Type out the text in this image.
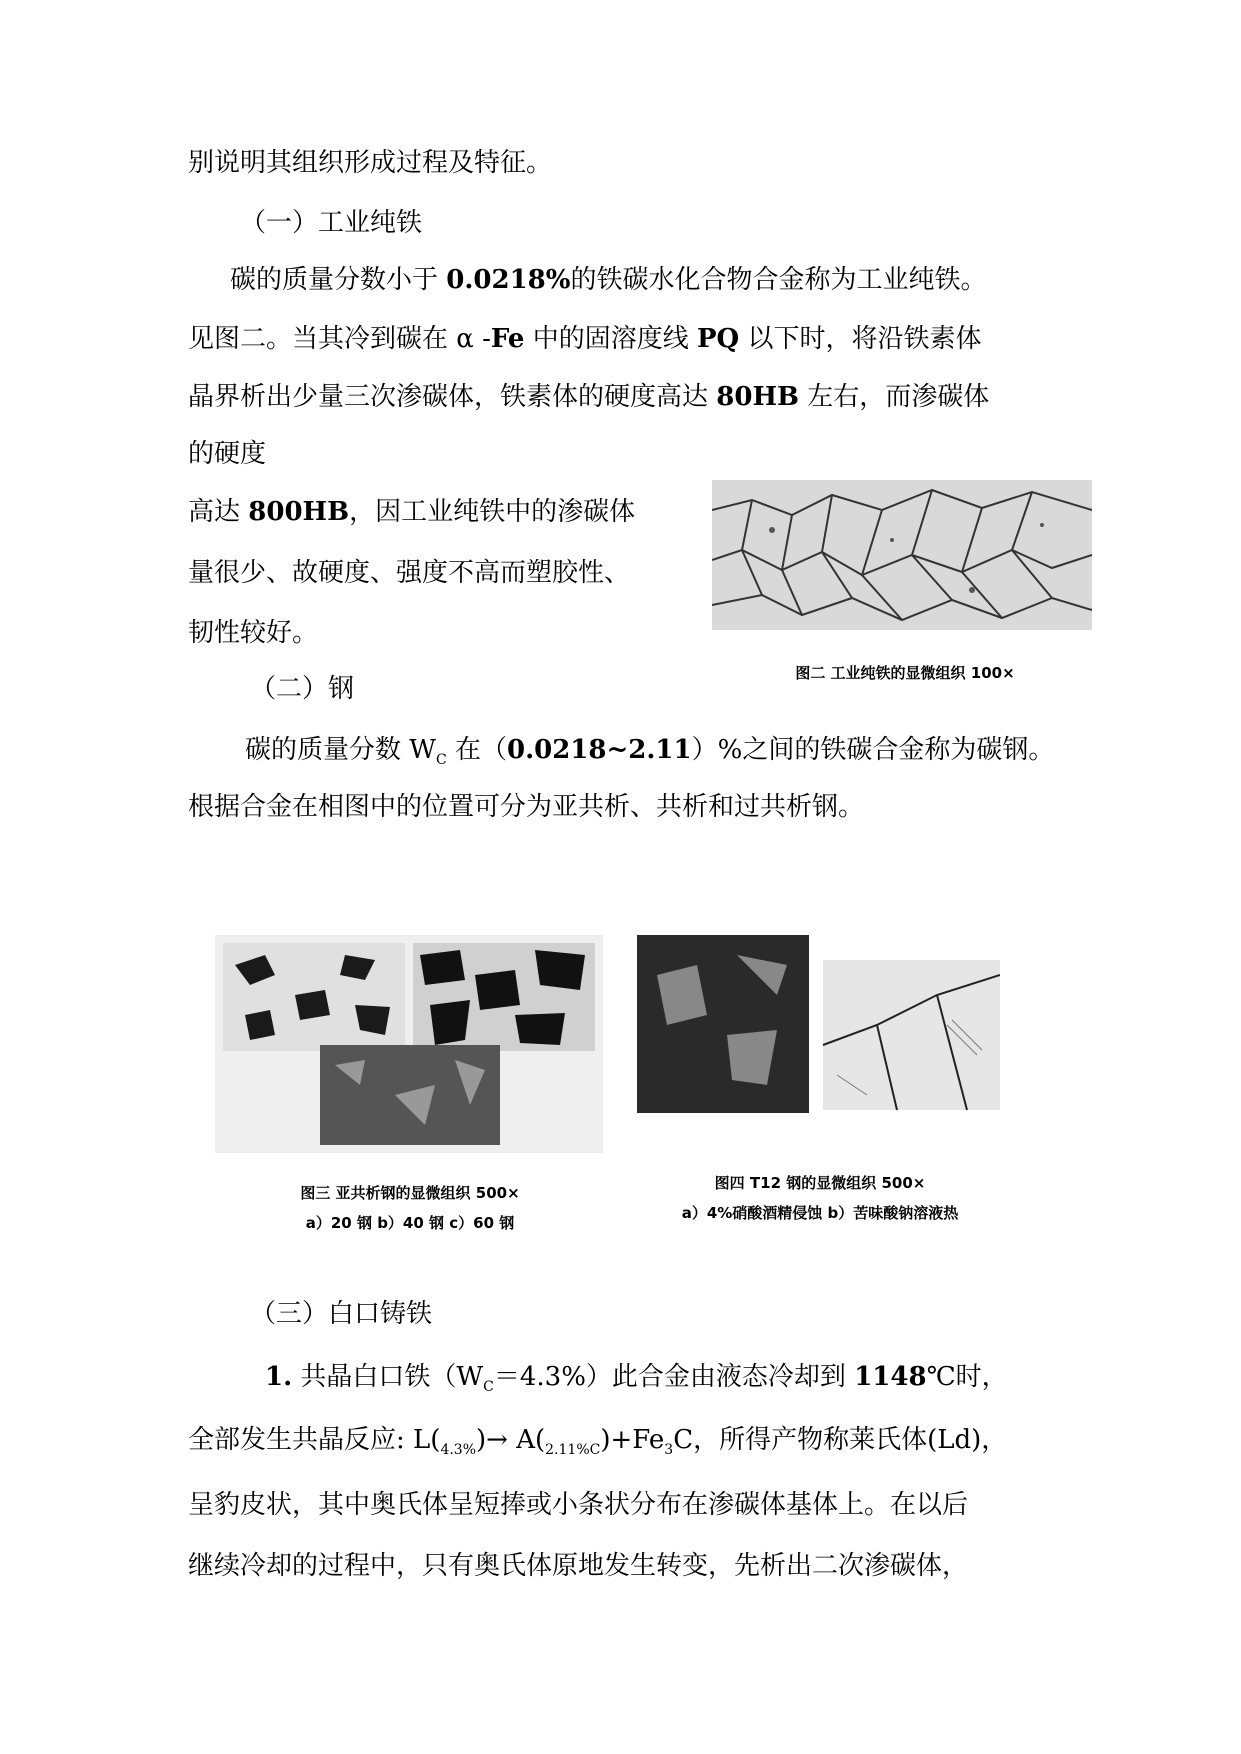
别说明其组织形成过程及特征。
（一）工业纯铁
碳的质量分数小于 0.0218%的铁碳水化合物合金称为工业纯铁。
见图二。当其冷到碳在 α -Fe 中的固溶度线 PQ 以下时，将沿铁素体
晶界析出少量三次渗碳体，铁素体的硬度高达 80HB 左右，而渗碳体
的硬度
高达 800HB，因工业纯铁中的渗碳体
量很少、故硬度、强度不高而塑胶性、
韧性较好。
（二）钢
碳的质量分数 $W_C$ 在（0.0218~2.11）%之间的铁碳合金称为碳钢。
根据合金在相图中的位置可分为亚共析、共析和过共析钢。
图二 工业纯铁的显微组织 100×
图三 亚共析钢的显微组织 500×
a）20 钢 b）40 钢 c）60 钢
图四 T12 钢的显微组织 500×
a）4%硝酸酒精侵蚀 b）苦味酸钠溶液热
（三）白口铸铁
1. 共晶白口铁$(W_C=4.3\%)$此合金由液态冷却到 1148℃时，
全部发生共晶反应: $L(_{4.3\%})\to A(_{2.11\%C})+Fe_3C$，所得产物称莱氏体(Ld)，
呈豹皮状，其中奥氏体呈短捧或小条状分布在渗碳体基体上。在以后
继续冷却的过程中，只有奥氏体原地发生转变，先析出二次渗碳体，
